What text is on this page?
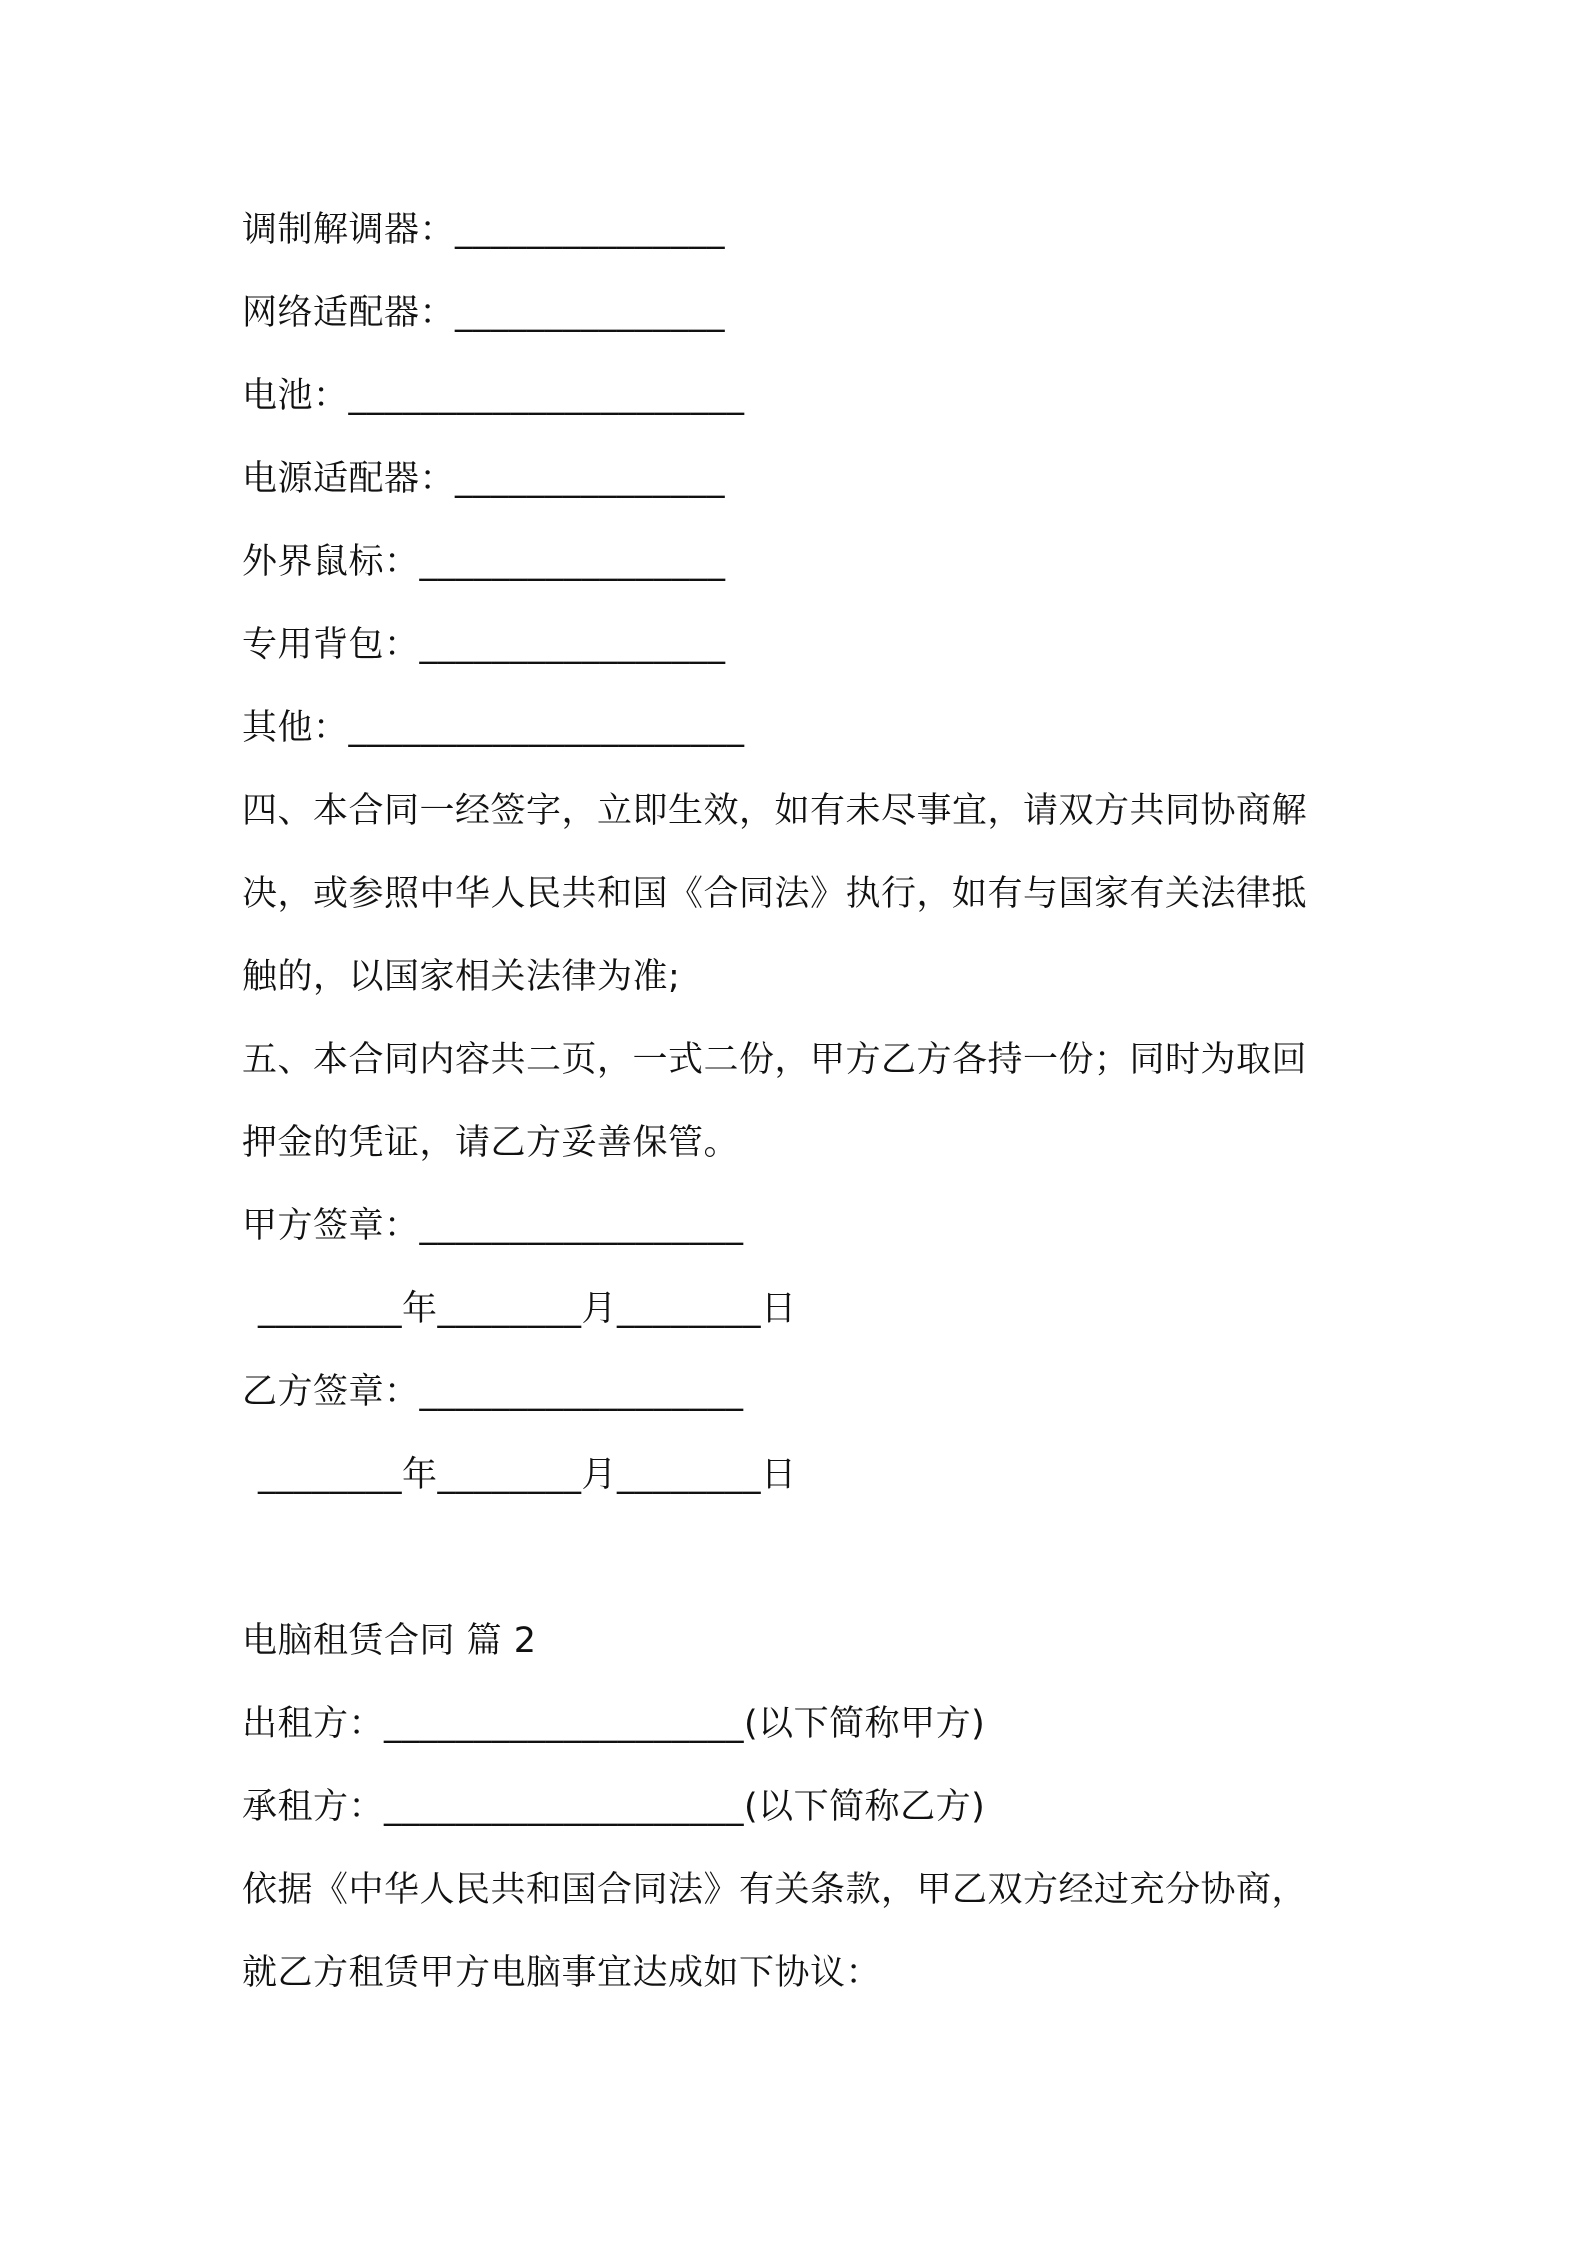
调制解调器：_______________
网络适配器：_______________
电池：______________________
电源适配器：_______________
外界鼠标：_________________
专用背包：_________________
其他：______________________
四、本合同一经签字，立即生效，如有未尽事宜，请双方共同协商解
决，或参照中华人民共和国《合同法》执行，如有与国家有关法律抵
触的，以国家相关法律为准;
五、本合同内容共二页，一式二份，甲方乙方各持一份；同时为取回
押金的凭证，请乙方妥善保管。
甲方签章：__________________
________年________月________日
乙方签章：__________________
________年________月________日
电脑租赁合同 篇 2
出租方：____________________(以下简称甲方)
承租方：____________________(以下简称乙方)
依据《中华人民共和国合同法》有关条款，甲乙双方经过充分协商，
就乙方租赁甲方电脑事宜达成如下协议：
